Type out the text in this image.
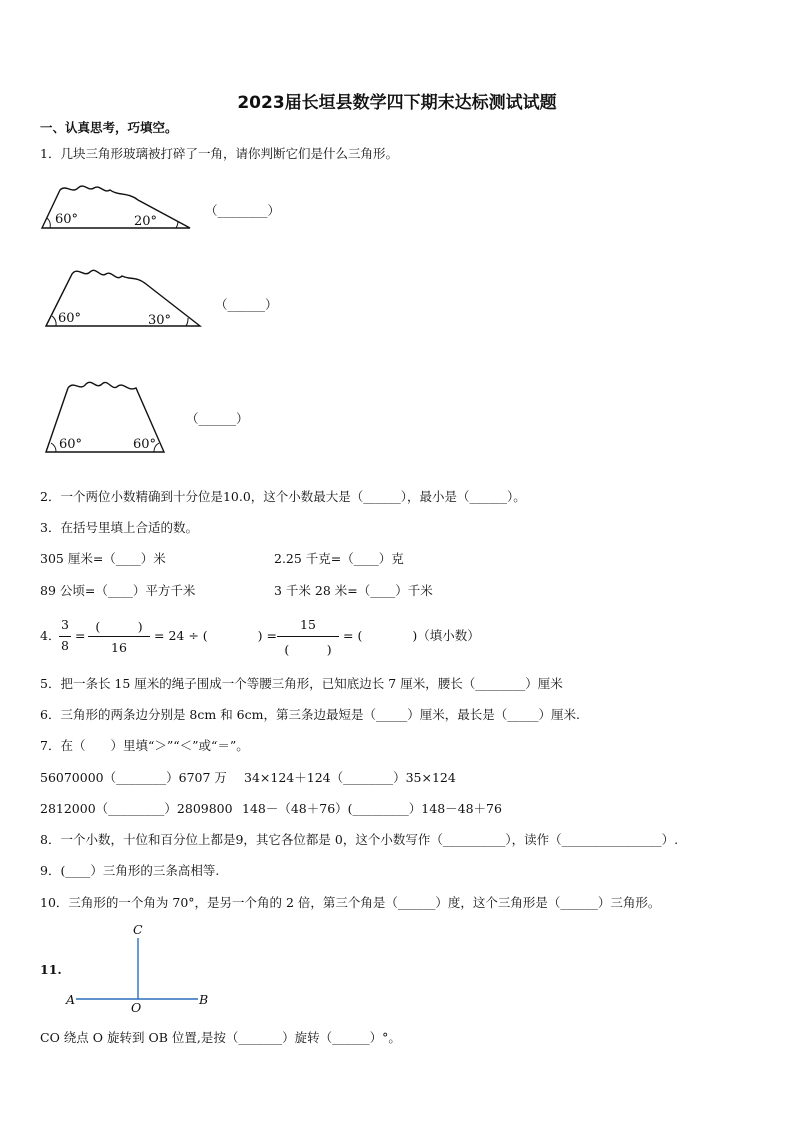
2023届长垣县数学四下期末达标测试试题
一、认真思考，巧填空。
1．几块三角形玻璃被打碎了一角，请你判断它们是什么三角形。
60°	20°
（________）
60°	30°
（______）
60°	60°
（______）
2．一个两位小数精确到十分位是10.0，这个小数最大是（______），最小是（______）。
3．在括号里填上合适的数。
305 厘米=（____）米	2.25 千克=（____）克
89 公顷=（____）平方千米	3 千米 28 米=（____）千米
4．
3
8
=
(　　　)
16
= 24 ÷ (　　　　) =
15
(　　　)
= (　　　　)（填小数）
5．把一条长 15 厘米的绳子围成一个等腰三角形，已知底边长 7 厘米，腰长（________）厘米
6．三角形的两条边分别是 8cm 和 6cm，第三条边最短是（_____）厘米，最长是（_____）厘米.
7．在（　　）里填“＞”“＜”或“＝”。
56070000（________）6707 万 34×124＋124（________）35×124
2812000（_________）2809800 148－（48＋76）(_________）148－48＋76
8．一个小数，十位和百分位上都是9，其它各位都是 0，这个小数写作（__________），读作（________________）.
9．(____）三角形的三条高相等.
10．三角形的一个角为 70°，是另一个角的 2 倍，第三个角是（______）度，这个三角形是（______）三角形。
11.
C
A
O
B
CO 绕点 O 旋转到 OB 位置,是按（_______）旋转（______）°。
